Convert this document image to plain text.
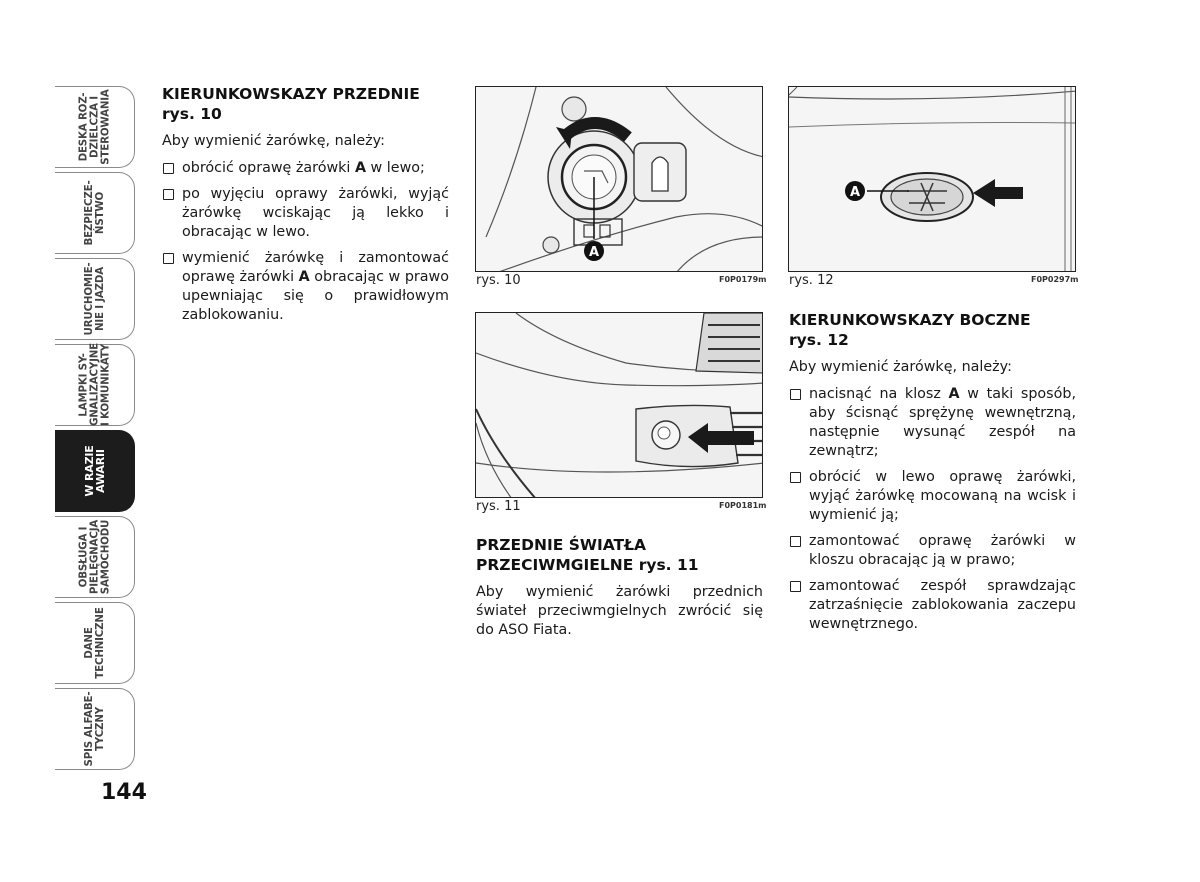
DESKA ROZ-
DZIELCZA I
STEROWANIA
BEZPIECZE-
ŃSTWO
URUCHOMIE-
NIE I JAZDA
LAMPKI SY-
GNALIZACYJNE
I KOMUNIKATY
W RAZIE
AWARII
OBSŁUGA I
PIELĘGNACJA
SAMOCHODU
DANE
TECHNICZNE
SPIS ALFABE-
TYCZNY
144
KIERUNKOWSKAZY PRZEDNIE
rys. 10

Aby wymienić żarówkę, należy:

obrócić oprawę żarówki A w lewo;
po wyjęciu oprawy żarówki, wyjąć żarówkę wciskając ją lekko i obracając w lewo.
wymienić żarówkę i zamontować oprawę żarówki A obracając w prawo upewniając się o prawidłowym zablokowaniu.
A
rys. 10	F0P0179m
A
rys. 12	F0P0297m
rys. 11	F0P0181m
PRZEDNIE ŚWIATŁA
PRZECIWMGIELNE rys. 11

Aby wymienić żarówki przednich świateł przeciwmgielnych zwrócić się do ASO Fiata.

KIERUNKOWSKAZY BOCZNE
rys. 12

Aby wymienić żarówkę, należy:

nacisnąć na klosz A w taki sposób, aby ścisnąć sprężynę wewnętrzną, następnie wysunąć zespół na zewnątrz;
obrócić w lewo oprawę żarówki, wyjąć żarówkę mocowaną na wcisk i wymienić ją;
zamontować oprawę żarówki w kloszu obracając ją w prawo;
zamontować zespół sprawdzając zatrzaśnięcie zablokowania zaczepu wewnętrznego.
